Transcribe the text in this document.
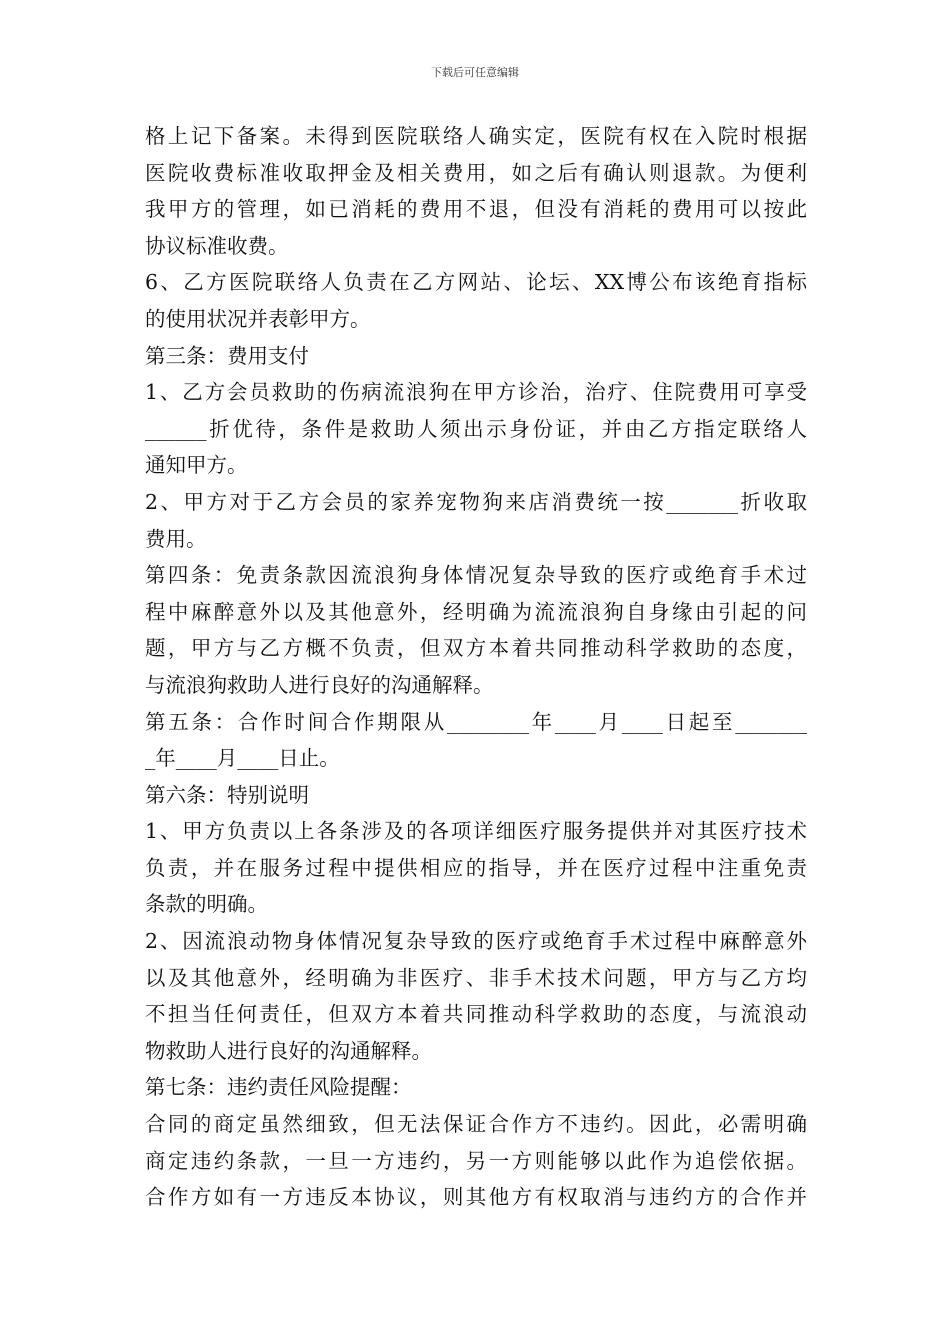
下载后可任意编辑
格上记下备案。未得到医院联络人确实定，医院有权在入院时根据
医院收费标准收取押金及相关费用，如之后有确认则退款。为便利
我甲方的管理，如已消耗的费用不退，但没有消耗的费用可以按此
协议标准收费。
6、乙方医院联络人负责在乙方网站、论坛、XX博公布该绝育指标
的使用状况并表彰甲方。
第三条：费用支付
1、乙方会员救助的伤病流浪狗在甲方诊治，治疗、住院费用可享受
______折优待，条件是救助人须出示身份证，并由乙方指定联络人
通知甲方。
2、甲方对于乙方会员的家养宠物狗来店消费统一按_______折收取
费用。
第四条：免责条款因流浪狗身体情况复杂导致的医疗或绝育手术过
程中麻醉意外以及其他意外，经明确为流流浪狗自身缘由引起的问
题，甲方与乙方概不负责，但双方本着共同推动科学救助的态度，
与流浪狗救助人进行良好的沟通解释。
第五条：合作时间合作期限从________年____月____日起至_______
_年____月____日止。
第六条：特别说明
1、甲方负责以上各条涉及的各项详细医疗服务提供并对其医疗技术
负责，并在服务过程中提供相应的指导，并在医疗过程中注重免责
条款的明确。
2、因流浪动物身体情况复杂导致的医疗或绝育手术过程中麻醉意外
以及其他意外，经明确为非医疗、非手术技术问题，甲方与乙方均
不担当任何责任，但双方本着共同推动科学救助的态度，与流浪动
物救助人进行良好的沟通解释。
第七条：违约责任风险提醒：
合同的商定虽然细致，但无法保证合作方不违约。因此，必需明确
商定违约条款，一旦一方违约，另一方则能够以此作为追偿依据。
合作方如有一方违反本协议，则其他方有权取消与违约方的合作并
